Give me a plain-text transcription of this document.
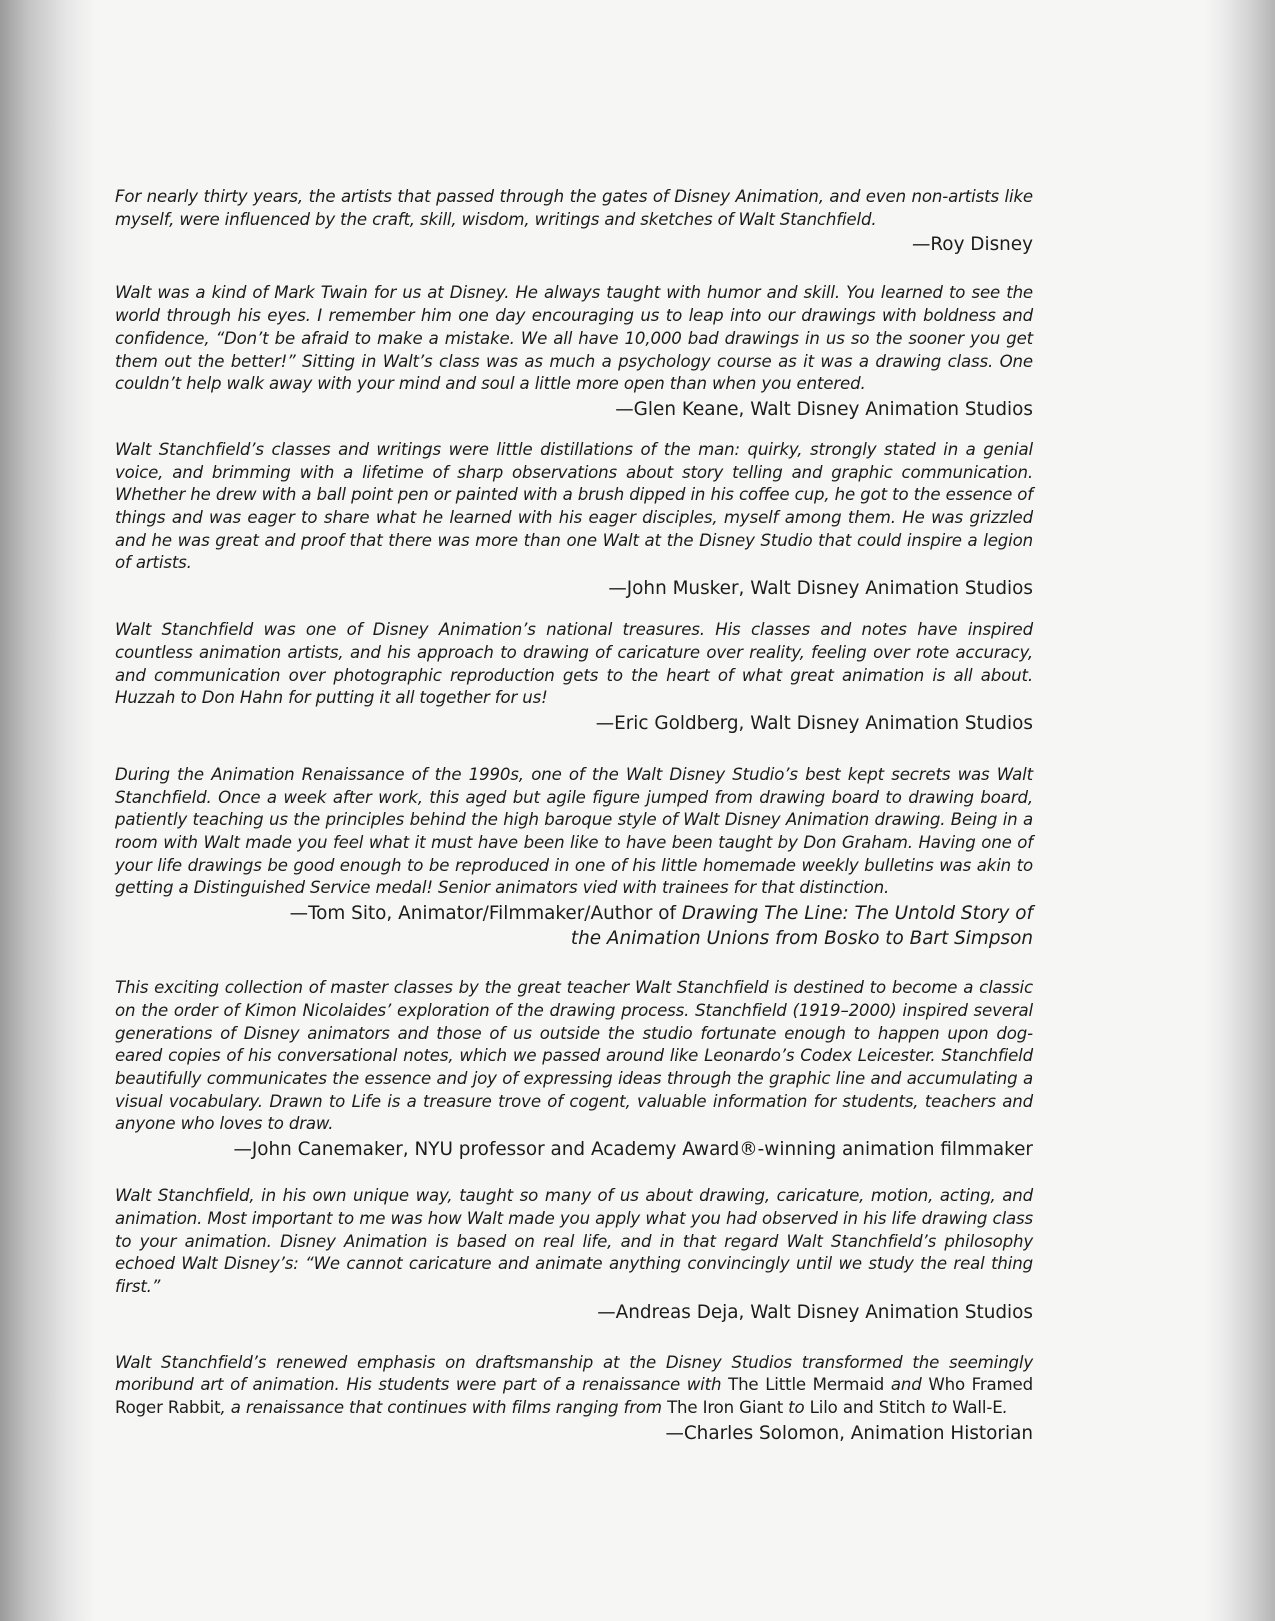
For nearly thirty years, the artists that passed through the gates of Disney Animation, and even non-artists like myself, were influenced by the craft, skill, wisdom, writings and sketches of Walt Stanchfield.

—Roy Disney

Walt was a kind of Mark Twain for us at Disney. He always taught with humor and skill. You learned to see the world through his eyes. I remember him one day encouraging us to leap into our drawings with boldness and confidence, “Don’t be afraid to make a mistake. We all have 10,000 bad drawings in us so the sooner you get them out the better!” Sitting in Walt’s class was as much a psychology course as it was a drawing class. One couldn’t help walk away with your mind and soul a little more open than when you entered.

—Glen Keane, Walt Disney Animation Studios

Walt Stanchfield’s classes and writings were little distillations of the man: quirky, strongly stated in a genial voice, and brimming with a lifetime of sharp observations about story telling and graphic communication. Whether he drew with a ball point pen or painted with a brush dipped in his coffee cup, he got to the essence of things and was eager to share what he learned with his eager disciples, myself among them. He was grizzled and he was great and proof that there was more than one Walt at the Disney Studio that could inspire a legion of artists.

—John Musker, Walt Disney Animation Studios

Walt Stanchfield was one of Disney Animation’s national treasures. His classes and notes have inspired countless animation artists, and his approach to drawing of caricature over reality, feeling over rote accuracy, and communication over photographic reproduction gets to the heart of what great animation is all about. Huzzah to Don Hahn for putting it all together for us!

—Eric Goldberg, Walt Disney Animation Studios

During the Animation Renaissance of the 1990s, one of the Walt Disney Studio’s best kept secrets was Walt Stanchfield. Once a week after work, this aged but agile figure jumped from drawing board to drawing board, patiently teaching us the principles behind the high baroque style of Walt Disney Animation drawing. Being in a room with Walt made you feel what it must have been like to have been taught by Don Graham. Having one of your life drawings be good enough to be reproduced in one of his little homemade weekly bulletins was akin to getting a Distinguished Service medal! Senior animators vied with trainees for that distinction.

—Tom Sito, Animator/Filmmaker/Author of Drawing The Line: The Untold Story of
the Animation Unions from Bosko to Bart Simpson

This exciting collection of master classes by the great teacher Walt Stanchfield is destined to become a classic on the order of Kimon Nicolaides’ exploration of the drawing process. Stanchfield (1919–2000) inspired several generations of Disney animators and those of us outside the studio fortunate enough to happen upon dog-eared copies of his conversational notes, which we passed around like Leonardo’s Codex Leicester. Stanchfield beautifully communicates the essence and joy of expressing ideas through the graphic line and accumulating a visual vocabulary. Drawn to Life is a treasure trove of cogent, valuable information for students, teachers and anyone who loves to draw.

—John Canemaker, NYU professor and Academy Award®-winning animation filmmaker

Walt Stanchfield, in his own unique way, taught so many of us about drawing, caricature, motion, acting, and animation. Most important to me was how Walt made you apply what you had observed in his life drawing class to your animation. Disney Animation is based on real life, and in that regard Walt Stanchfield’s philosophy echoed Walt Disney’s: “We cannot caricature and animate anything convincingly until we study the real thing first.”

—Andreas Deja, Walt Disney Animation Studios

Walt Stanchfield’s renewed emphasis on draftsmanship at the Disney Studios transformed the seemingly moribund art of animation. His students were part of a renaissance with The Little Mermaid and Who Framed Roger Rabbit, a renaissance that continues with films ranging from The Iron Giant to Lilo and Stitch to Wall-E.

—Charles Solomon, Animation Historian
